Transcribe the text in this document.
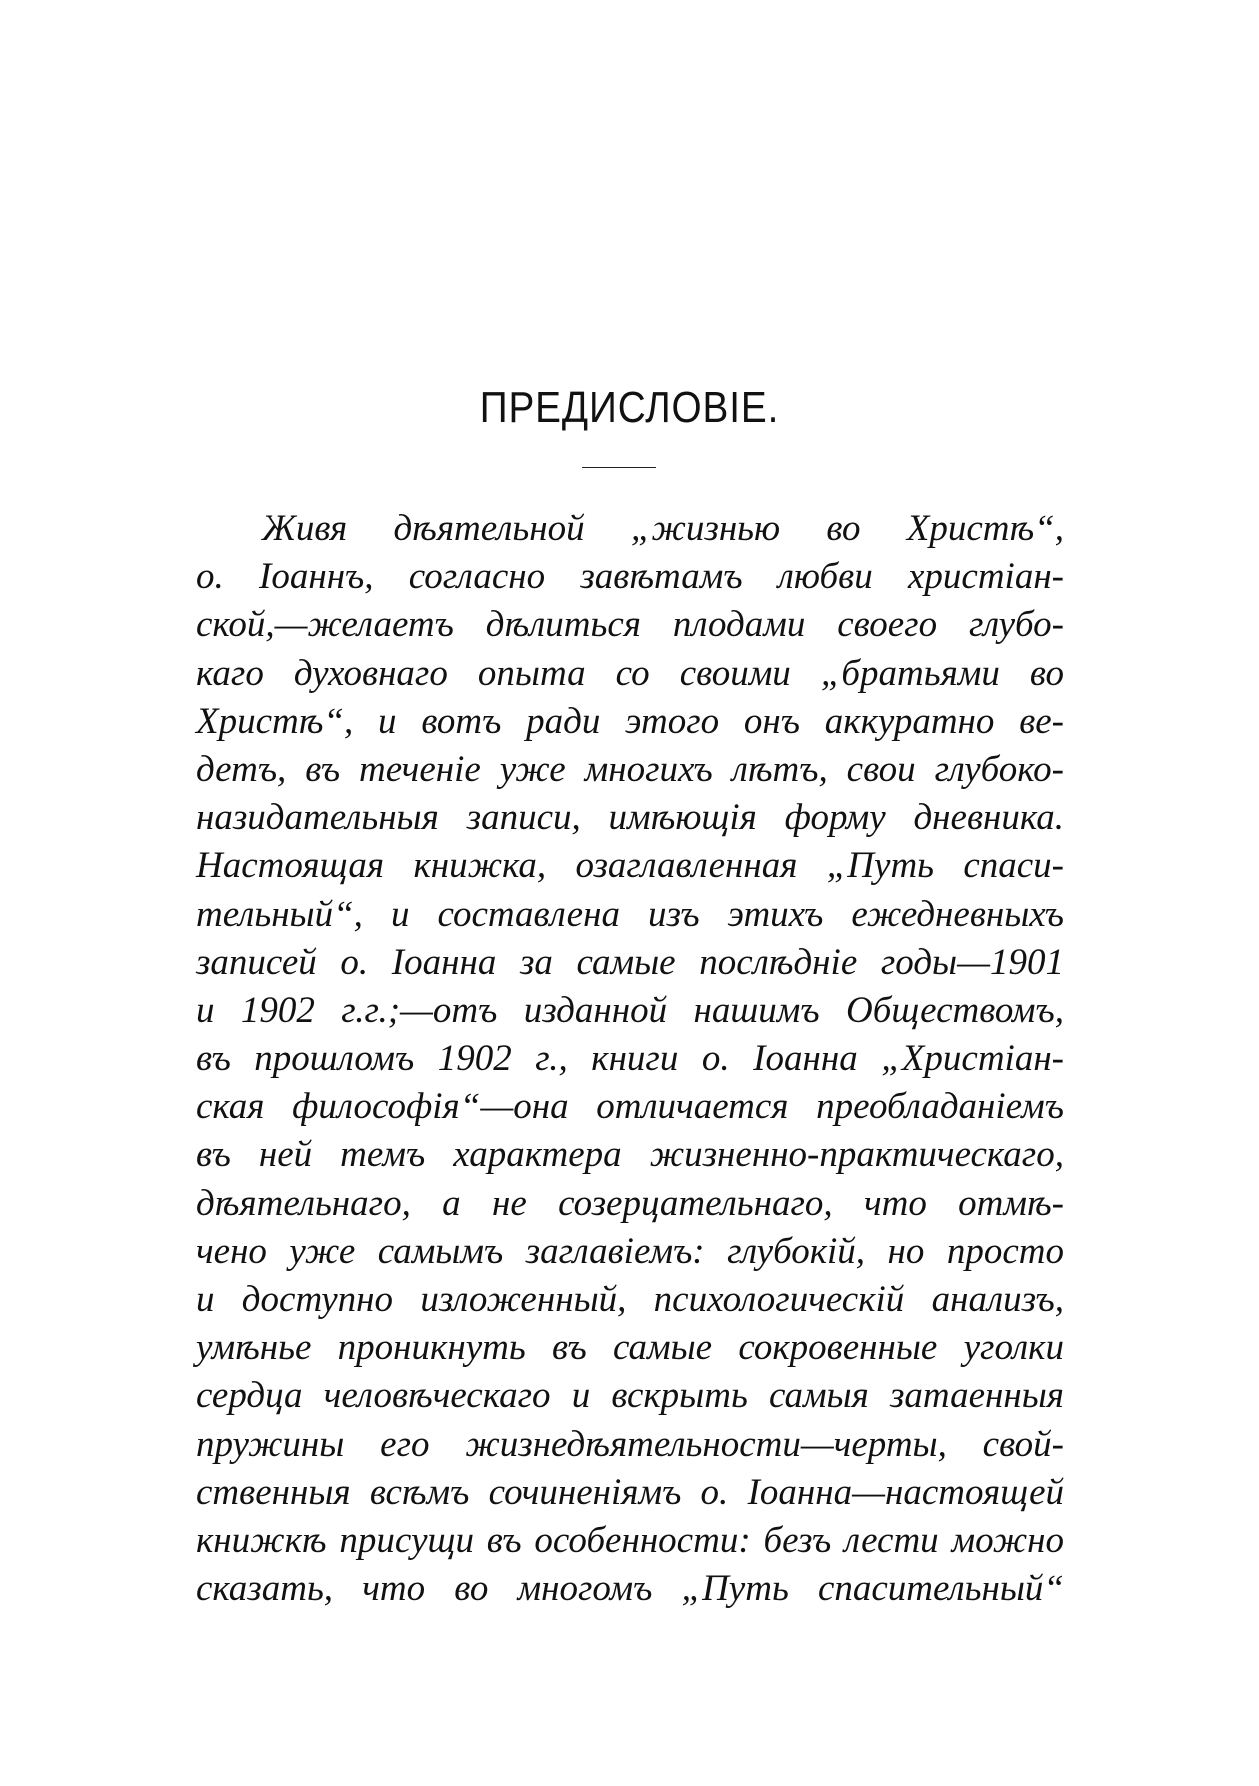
ПРЕДИСЛОВІЕ.
Живя дѣятельной „жизнью во Христѣ“,
о. Іоаннъ, согласно завѣтамъ любви христіан-
ской,—желаетъ дѣлиться плодами своего глубо-
каго духовнаго опыта со своими „братьями во
Христѣ“, и вотъ ради этого онъ аккуратно ве-
детъ, въ теченіе уже многихъ лѣтъ, свои глубоко-
назидательныя записи, имѣющія форму дневника.
Настоящая книжка, озаглавленная „Путь спаси-
тельный“, и составлена изъ этихъ ежедневныхъ
записей о. Іоанна за самые послѣдніе годы—1901
и 1902 г.г.;—отъ изданной нашимъ Обществомъ,
въ прошломъ 1902 г., книги о. Іоанна „Христіан-
ская философія“—она отличается преобладаніемъ
въ ней темъ характера жизненно-практическаго,
дѣятельнаго, а не созерцательнаго, что отмѣ-
чено уже самымъ заглавіемъ: глубокій, но просто
и доступно изложенный, психологическій анализъ,
умѣнье проникнуть въ самые сокровенные уголки
сердца человѣческаго и вскрыть самыя затаенныя
пружины его жизнедѣятельности—черты, свой-
ственныя всѣмъ сочиненіямъ о. Іоанна—настоящей
книжкѣ присущи въ особенности: безъ лести можно
сказать, что во многомъ „Путь спасительный“
